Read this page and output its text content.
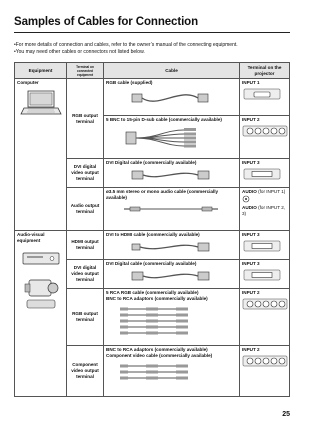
Samples of Cables for Connection
•For more details of connection and cables, refer to the owner’s manual of the connecting equipment.
•You may need other cables or connectors not listed below.
Equipment	Terminal on connected equipment	Cable	Terminal on the projector

Computer	RGB output terminal	RGB cable (supplied)	INPUT 1

		5 BNC to 15-pin D-sub cable (commercially available)	INPUT 2

	DVI digital video output terminal	DVI Digital cable (commercially available)	INPUT 3

	Audio output terminal	ø3.5 mm stereo or mono audio cable (commercially available)	AUDIO (for INPUT 1)
AUDIO (for INPUT 2, 3)

Audio-visual equipment	HDMI output terminal	DVI to HDMI cable (commercially available)	INPUT 3

	DVI digital video output terminal	DVI Digital cable (commercially available)	INPUT 3

	RGB output terminal	5 RCA RGB cable (commercially available)
BNC to RCA adaptors (commercially available)	INPUT 2

	Component video output terminal	BNC to RCA adaptors (commercially available)
Component video cable (commercially available)	INPUT 2
25
